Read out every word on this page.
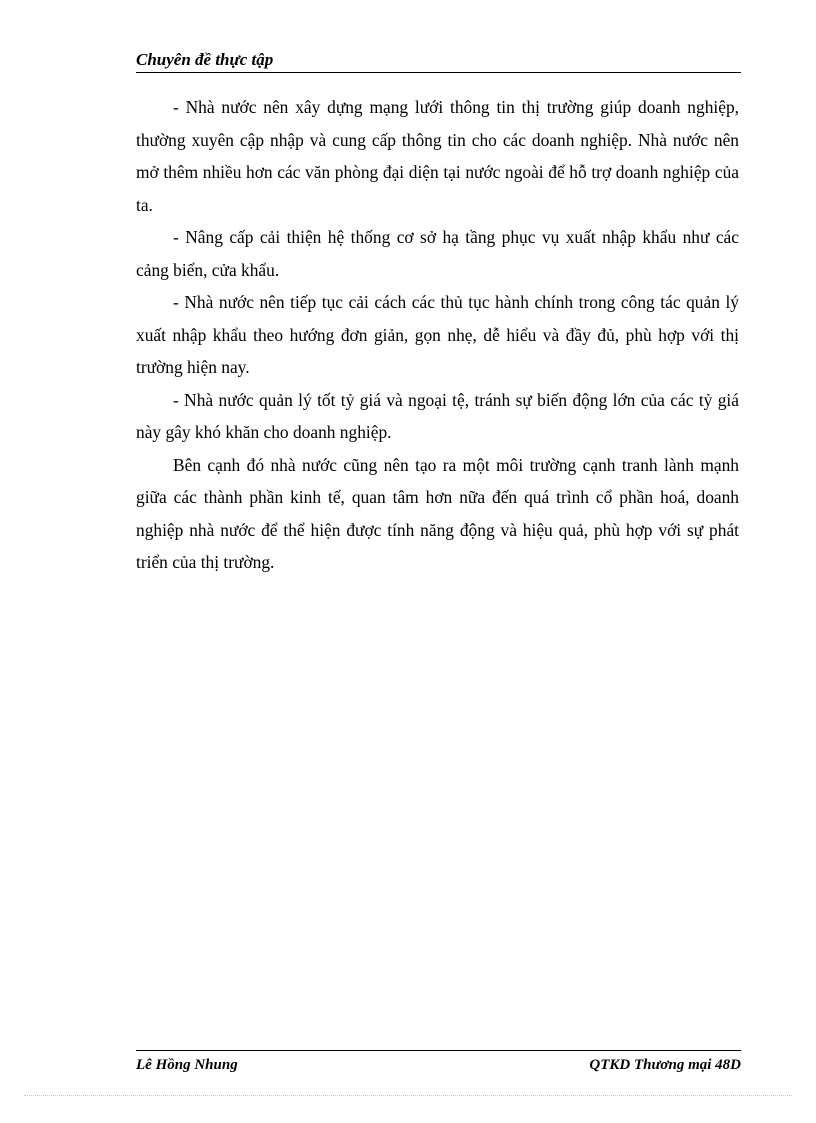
Chuyên đề thực tập

- Nhà nước nên xây dựng mạng lưới thông tin thị trường giúp doanh nghiệp, thường xuyên cập nhập và cung cấp thông tin cho các doanh nghiệp. Nhà nước nên mở thêm nhiều hơn các văn phòng đại diện tại nước ngoài để hỗ trợ doanh nghiệp của ta.

- Nâng cấp cải thiện hệ thống cơ sở hạ tầng phục vụ xuất nhập khẩu như các cảng biển, cửa khẩu.

- Nhà nước nên tiếp tục cải cách các thủ tục hành chính trong công tác quản lý xuất nhập khẩu theo hướng đơn giản, gọn nhẹ, dễ hiểu và đầy đủ, phù hợp với thị trường hiện nay.

- Nhà nước quản lý tốt tỷ giá và ngoại tệ, tránh sự biến động lớn của các tỷ giá này gây khó khăn cho doanh nghiệp.

Bên cạnh đó nhà nước cũng nên tạo ra một môi trường cạnh tranh lành mạnh giữa các thành phần kinh tế, quan tâm hơn nữa đến quá trình cổ phần hoá, doanh nghiệp nhà nước để thể hiện được tính năng động và hiệu quả, phù hợp với sự phát triển của thị trường.

Lê Hồng Nhung	QTKD Thương mại 48D
